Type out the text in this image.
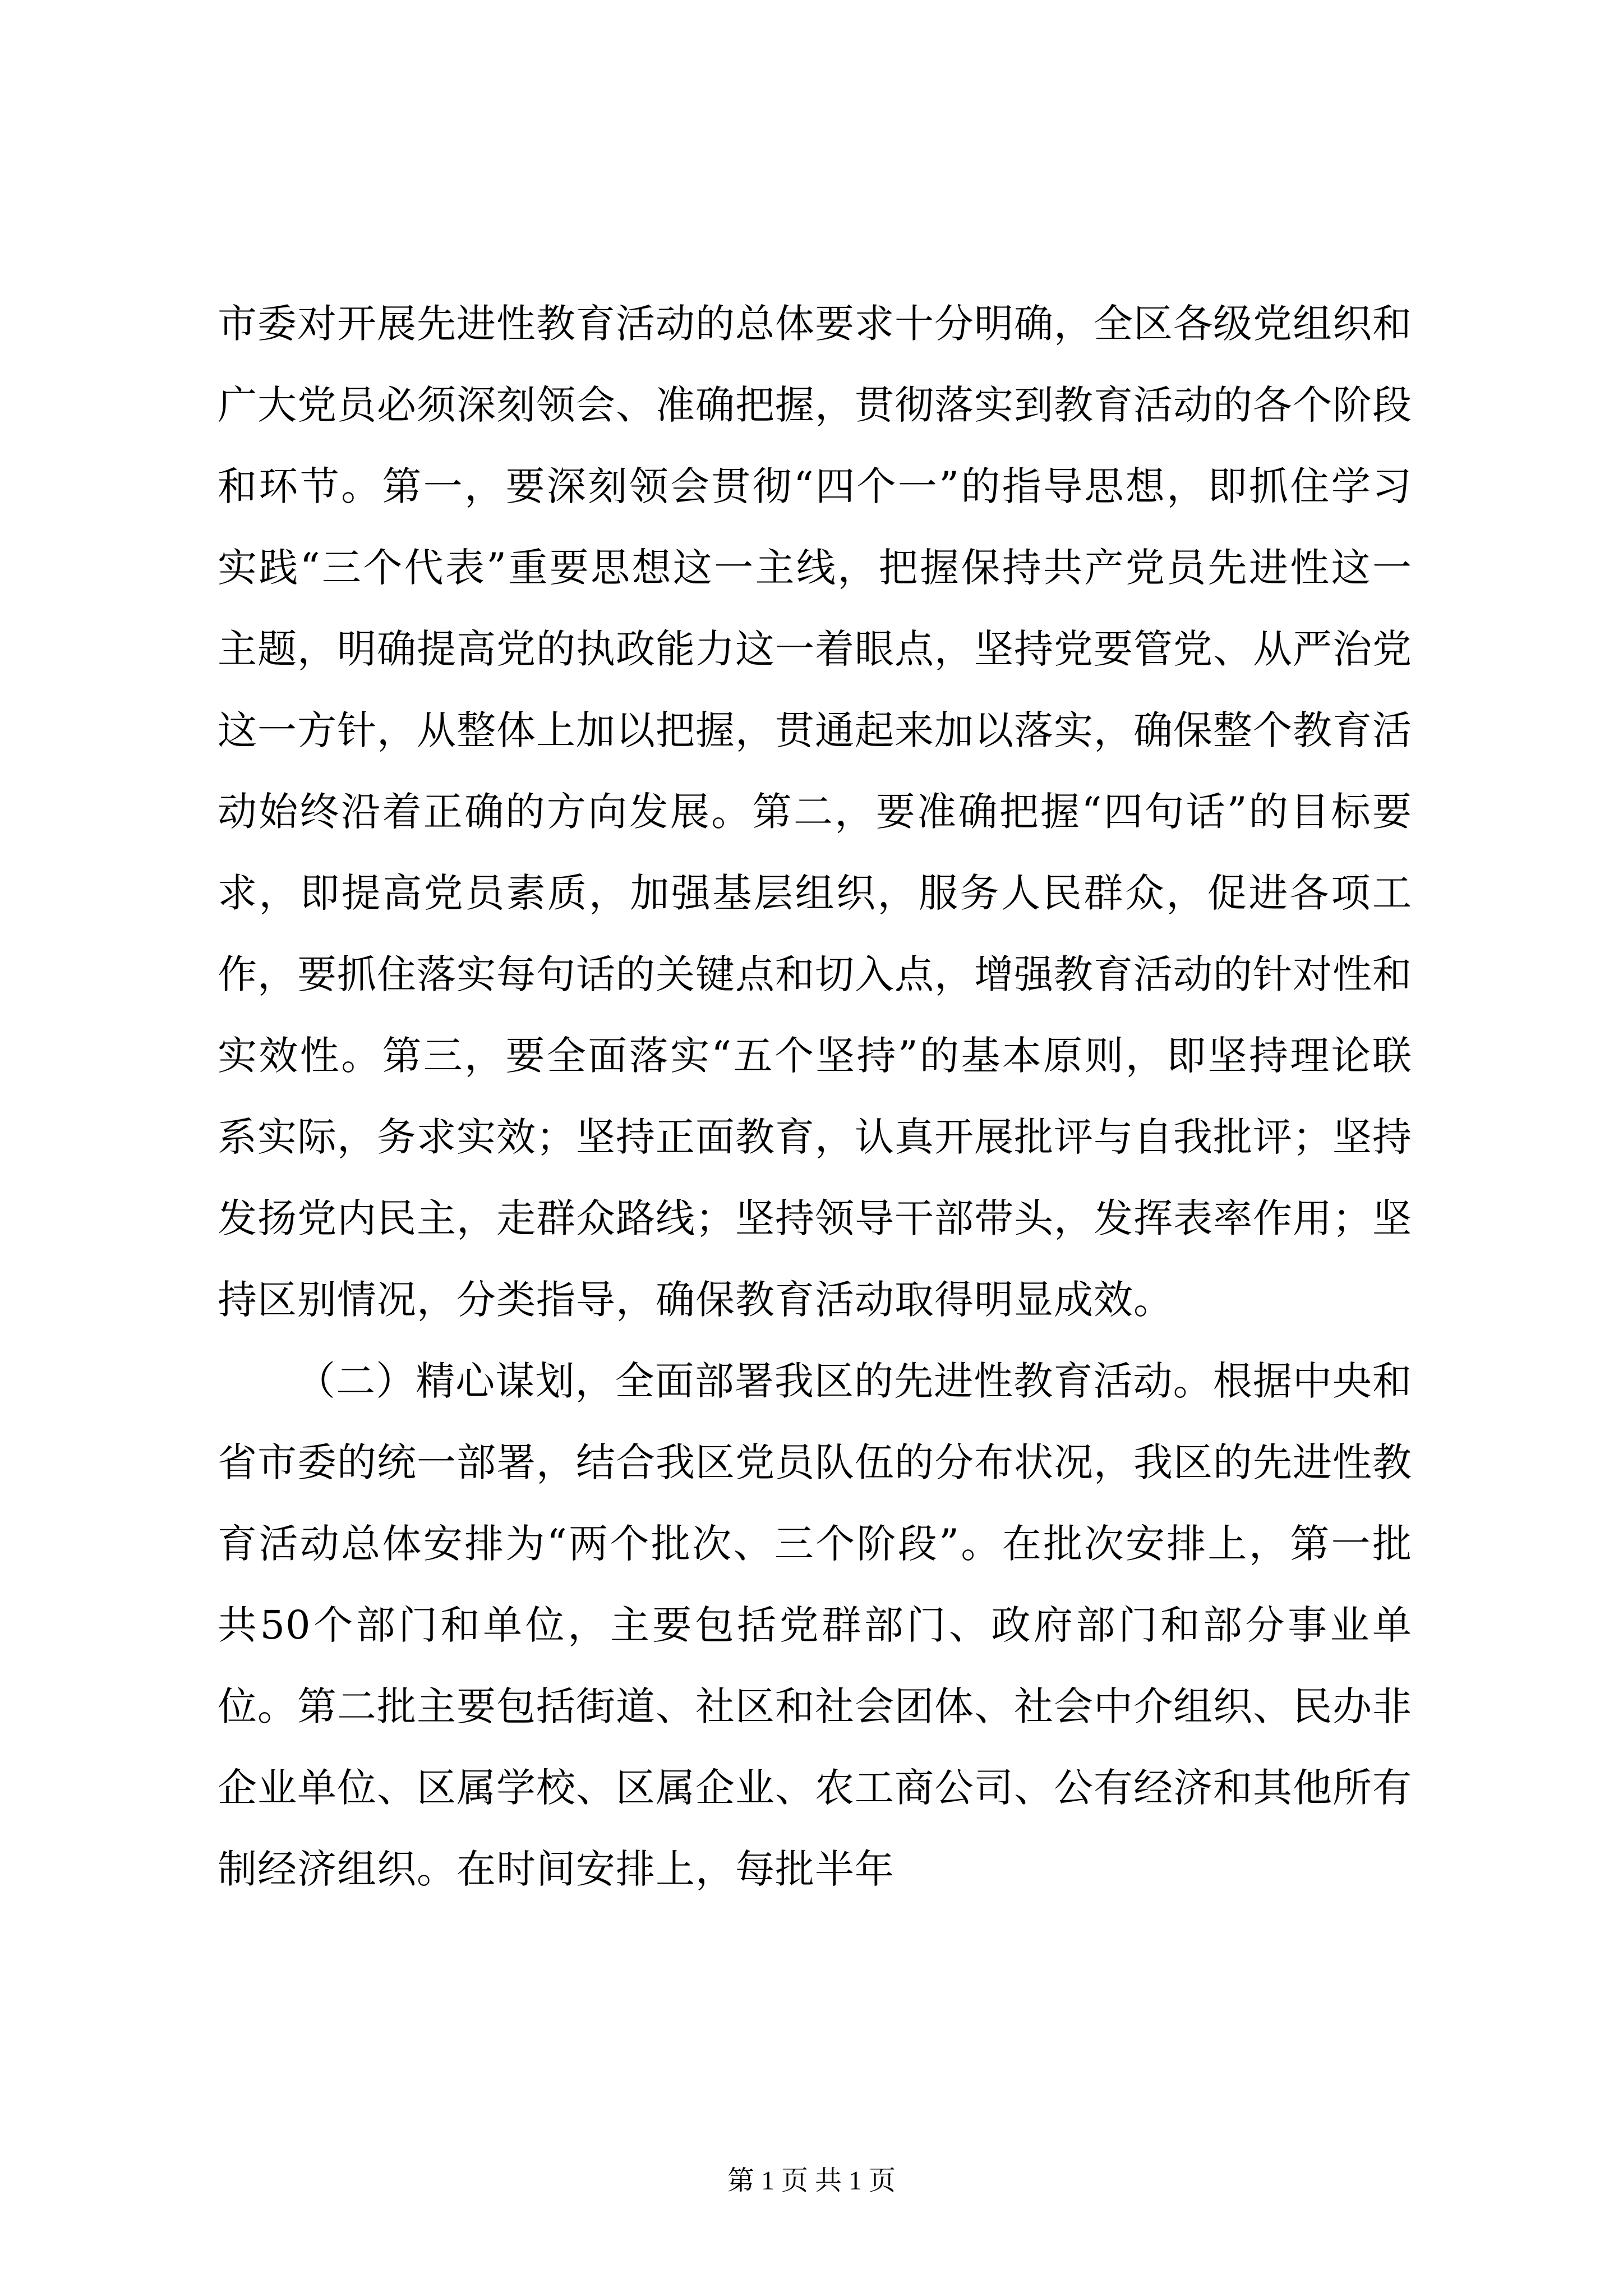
市委对开展先进性教育活动的总体要求十分明确，全区各级党组织和广大党员必须深刻领会、准确把握，贯彻落实到教育活动的各个阶段和环节。第一，要深刻领会贯彻“四个一”的指导思想，即抓住学习实践“三个代表”重要思想这一主线，把握保持共产党员先进性这一主题，明确提高党的执政能力这一着眼点，坚持党要管党、从严治党这一方针，从整体上加以把握，贯通起来加以落实，确保整个教育活动始终沿着正确的方向发展。第二，要准确把握“四句话”的目标要求，即提高党员素质，加强基层组织，服务人民群众，促进各项工作，要抓住落实每句话的关键点和切入点，增强教育活动的针对性和实效性。第三，要全面落实“五个坚持”的基本原则，即坚持理论联系实际，务求实效；坚持正面教育，认真开展批评与自我批评；坚持发扬党内民主，走群众路线；坚持领导干部带头，发挥表率作用；坚持区别情况，分类指导，确保教育活动取得明显成效。

（二）精心谋划，全面部署我区的先进性教育活动。根据中央和省市委的统一部署，结合我区党员队伍的分布状况，我区的先进性教育活动总体安排为“两个批次、三个阶段”。在批次安排上，第一批共50个部门和单位，主要包括党群部门、政府部门和部分事业单位。第二批主要包括街道、社区和社会团体、社会中介组织、民办非企业单位、区属学校、区属企业、农工商公司、公有经济和其他所有制经济组织。在时间安排上，每批半年

第 1 页 共 1 页
